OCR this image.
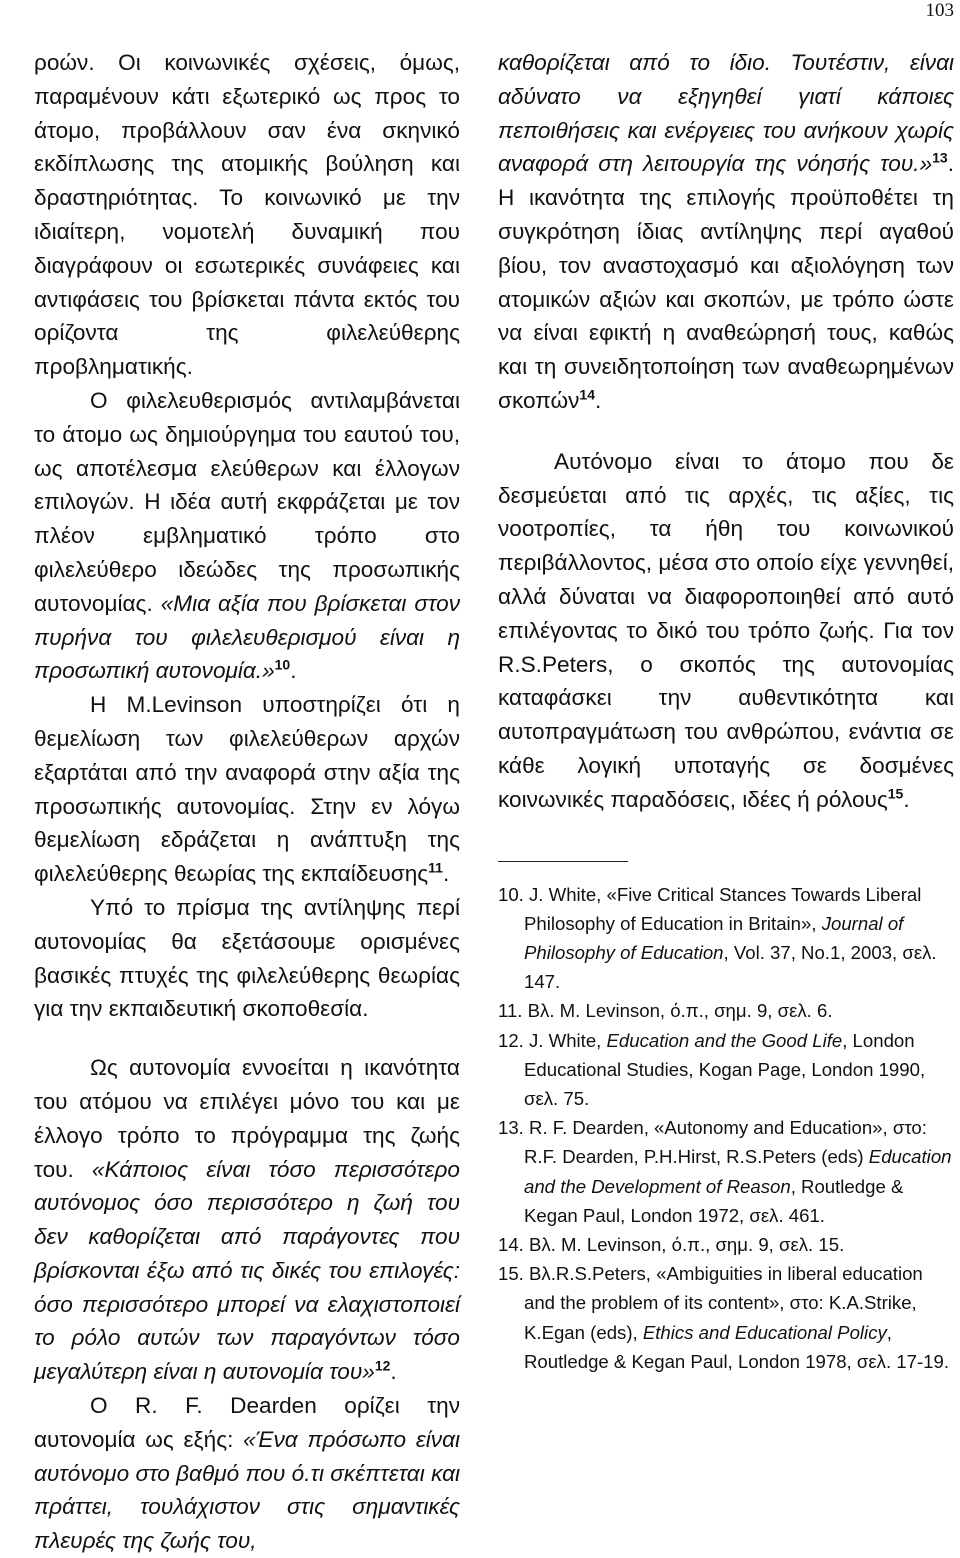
103

ροών. Οι κοινωνικές σχέσεις, όμως, παραμένουν κάτι εξωτερικό ως προς το άτομο, προβάλλουν σαν ένα σκηνικό εκδίπλωσης της ατομικής βούληση και δραστηριότητας. Το κοινωνικό με την ιδιαίτερη, νομοτελή δυναμική που διαγράφουν οι εσωτερικές συνάφειες και αντιφάσεις του βρίσκεται πάντα εκτός του ορίζοντα της φιλελεύθερης προβληματικής.

Ο φιλελευθερισμός αντιλαμβάνεται το άτομο ως δημιούργημα του εαυτού του, ως αποτέλεσμα ελεύθερων και έλλογων επιλογών. Η ιδέα αυτή εκφράζεται με τον πλέον εμβληματικό τρόπο στο φιλελεύθερο ιδεώδες της προσωπικής αυτονομίας. «Μια αξία που βρίσκεται στον πυρήνα του φιλελευθερισμού είναι η προσωπική αυτονομία.»$^{10}$.

Η M.Levinson υποστηρίζει ότι η θεμελίωση των φιλελεύθερων αρχών εξαρτάται από την αναφορά στην αξία της προσωπικής αυτονομίας. Στην εν λόγω θεμελίωση εδράζεται η ανάπτυξη της φιλελεύθερης θεωρίας της εκπαίδευσης$^{11}$.

Υπό το πρίσμα της αντίληψης περί αυτονομίας θα εξετάσουμε ορισμένες βασικές πτυχές της φιλελεύθερης θεωρίας για την εκπαιδευτική σκοποθεσία.

Ως αυτονομία εννοείται η ικανότητα του ατόμου να επιλέγει μόνο του και με έλλογο τρόπο το πρόγραμμα της ζωής του. «Κάποιος είναι τόσο περισσότερο αυτόνομος όσο περισσότερο η ζωή του δεν καθορίζεται από παράγοντες που βρίσκονται έξω από τις δικές του επιλογές: όσο περισσότερο μπορεί να ελαχιστοποιεί το ρόλο αυτών των παραγόντων τόσο μεγαλύτερη είναι η αυτονομία του»$^{12}$.

Ο R. F. Dearden ορίζει την αυτονομία ως εξής: «Ένα πρόσωπο είναι αυτόνομο στο βαθμό που ό.τι σκέπτεται και πράττει, τουλάχιστον στις σημαντικές πλευρές της ζωής του,

καθορίζεται από το ίδιο. Τουτέστιν, είναι αδύνατο να εξηγηθεί γιατί κάποιες πεποιθήσεις και ενέργειες του ανήκουν χωρίς αναφορά στη λειτουργία της νόησής του.»$^{13}$. Η ικανότητα της επιλογής προϋποθέτει τη συγκρότηση ίδιας αντίληψης περί αγαθού βίου, τον αναστοχασμό και αξιολόγηση των ατομικών αξιών και σκοπών, με τρόπο ώστε να είναι εφικτή η αναθεώρησή τους, καθώς και τη συνειδητοποίηση των αναθεωρημένων σκοπών$^{14}$.

Αυτόνομο είναι το άτομο που δε δεσμεύεται από τις αρχές, τις αξίες, τις νοοτροπίες, τα ήθη του κοινωνικού περιβάλλοντος, μέσα στο οποίο είχε γεννηθεί, αλλά δύναται να διαφοροποιηθεί από αυτό επιλέγοντας το δικό του τρόπο ζωής. Για τον R.S.Peters, ο σκοπός της αυτονομίας καταφάσκει την αυθεντικότητα και αυτοπραγμάτωση του ανθρώπου, ενάντια σε κάθε λογική υποταγής σε δοσμένες κοινωνικές παραδόσεις, ιδέες ή ρόλους$^{15}$.

10. J. White, «Five Critical Stances Towards Liberal Philosophy of Education in Britain», Journal of Philosophy of Education, Vol. 37, No.1, 2003, σελ. 147.

11. Βλ. M. Levinson, ό.π., σημ. 9, σελ. 6.

12. J. White, Education and the Good Life, London Educational Studies, Kogan Page, London 1990, σελ. 75.

13. R. F. Dearden, «Autonomy and Education», στο: R.F. Dearden, P.H.Hirst, R.S.Peters (eds) Education and the Development of Reason, Routledge & Kegan Paul, London 1972, σελ. 461.

14. Βλ. M. Levinson, ό.π., σημ. 9, σελ. 15.

15. Βλ.R.S.Peters, «Ambiguities in liberal education and the problem of its content», στο: K.A.Strike, K.Egan (eds), Ethics and Educational Policy, Routledge & Kegan Paul, London 1978, σελ. 17-19.
